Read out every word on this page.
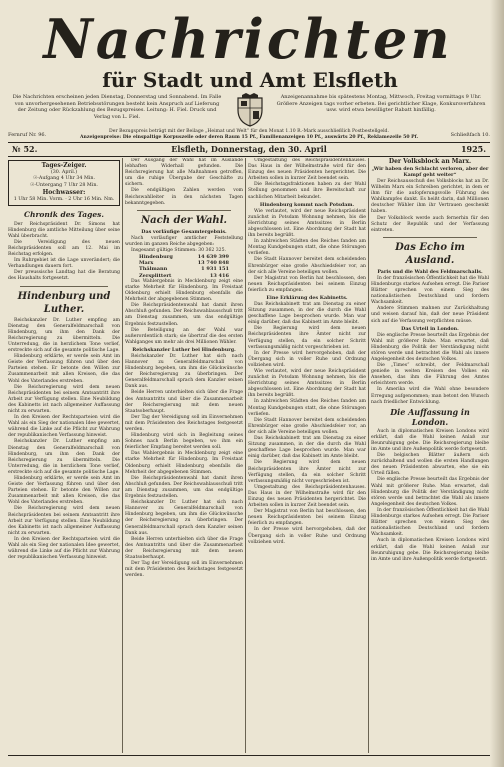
Nachrichten
für Stadt und Amt Elsfleth
Die Nachrichten erscheinen jeden Dienstag, Donnerstag und Sonnabend. Im Falle von unvorhergesehenen Betriebsstörungen besteht kein Anspruch auf Lieferung der Zeitung oder Rückzahlung des Bezugspreises. Leitung: H. Fiel. Druck und Verlag von L. Fiel.
Anzeigenannahme bis spätestens Montag, Mittwoch, Freitag vormittags 9 Uhr. Größere Anzeigen tags vorher erbeten. Bei gerichtlicher Klage, Konkursverfahren usw. wird etwa bewilligter Rabatt hinfällig.
Fernruf Nr. 96.	Schließfach 10.
Der Bezugspreis beträgt mit der Beilage „Heimat und Welt“ für den Monat 1.10 R.-Mark ausschließlich Postbestellgeld.
Anzeigenpreise: Die einspaltige Korpuszeile oder deren Raum 15 Pf., Familienanzeigen 10 Pf., auswärts 20 Pf., Reklamezeile 50 Pf.
№ 52.	Elsfleth, Donnerstag, den 30. April	1925.
Tages-Zeiger.
(30. April.)
☉-Aufgang 4 Uhr 34 Min.
☉-Untergang 7 Uhr 28 Min.
Hochwasser:
1 Uhr 58 Min. Vorm. · 2 Uhr 16 Min. Nm.
Chronik des Tages.

Der Reichspräsident Dr. Simons hat Hindenburg die amtliche Mitteilung über seine Wahl überbracht.

Die Vereidigung des neuen Reichspräsidenten soll am 12. Mai im Reichstag erfolgen.

Im Ruhrgebiet ist die Lage unverändert; die Verhandlungen dauern fort.

Der preussische Landtag hat die Beratung des Haushalts fortgesetzt.

Hindenburg und Luther.

Reichskanzler Dr. Luther empfing am Dienstag den Generalfeldmarschall von Hindenburg, um ihm den Dank der Reichsregierung zu übermitteln. Die Unterredung, die in herzlichem Tone verlief, erstreckte sich auf die gesamte politische Lage.

Hindenburg erklärte, er werde sein Amt im Geiste der Verfassung führen und über den Parteien stehen. Er betonte den Willen zur Zusammenarbeit mit allen Kreisen, die das Wohl des Vaterlandes erstreben.

Die Reichsregierung wird dem neuen Reichspräsidenten bei seinem Amtsantritt ihre Arbeit zur Verfügung stellen. Eine Neubildung des Kabinetts ist nach allgemeiner Auffassung nicht zu erwarten.

In den Kreisen der Rechtsparteien wird die Wahl als ein Sieg der nationalen Idee gewertet, während die Linke auf die Pflicht zur Wahrung der republikanischen Verfassung hinweist.

Reichskanzler Dr. Luther empfing am Dienstag den Generalfeldmarschall von Hindenburg, um ihm den Dank der Reichsregierung zu übermitteln. Die Unterredung, die in herzlichem Tone verlief, erstreckte sich auf die gesamte politische Lage.

Hindenburg erklärte, er werde sein Amt im Geiste der Verfassung führen und über den Parteien stehen. Er betonte den Willen zur Zusammenarbeit mit allen Kreisen, die das Wohl des Vaterlandes erstreben.

Die Reichsregierung wird dem neuen Reichspräsidenten bei seinem Amtsantritt ihre Arbeit zur Verfügung stellen. Eine Neubildung des Kabinetts ist nach allgemeiner Auffassung nicht zu erwarten.

In den Kreisen der Rechtsparteien wird die Wahl als ein Sieg der nationalen Idee gewertet, während die Linke auf die Pflicht zur Wahrung der republikanischen Verfassung hinweist.

Der Ausgang der Wahl hat im Auslande lebhaften Widerhall gefunden. Die Reichsregierung hat alle Maßnahmen getroffen, um die ruhige Übergabe der Geschäfte zu sichern.

Die endgültigen Zahlen werden vom Reichswahlleiter in den nächsten Tagen bekanntgegeben.

Nach der Wahl.
Das vorläufige Gesamtergebnis.

Nach vorläufiger amtlicher Feststellung wurden im ganzen Reiche abgegeben:

Insgesamt gültige Stimmen: 30 362 325.

Hindenburg	14 639 399
Marx	13 740 848
Thälmann	1 931 151
Zersplittert	13 416

Das Wahlergebnis in Mecklenburg zeigt eine starke Mehrheit für Hindenburg. Im Freistaat Oldenburg erhielt Hindenburg ebenfalls die Mehrheit der abgegebenen Stimmen.

Die Reichspräsidentenwahl hat damit ihren Abschluß gefunden. Der Reichswahlausschuß tritt am Dienstag zusammen, um das endgültige Ergebnis festzustellen.

Die Beteiligung an der Wahl war außerordentlich stark; sie übertraf die des ersten Wahlganges um mehr als drei Millionen Wähler.

Reichskanzler Luther bei Hindenburg.

Reichskanzler Dr. Luther hat sich nach Hannover zu Generalfeldmarschall von Hindenburg begeben, um ihm die Glückwünsche der Reichsregierung zu überbringen. Der Generalfeldmarschall sprach dem Kanzler seinen Dank aus.

Beide Herren unterhielten sich über die Frage des Amtsantritts und über die Zusammenarbeit der Reichsregierung mit dem neuen Staatsoberhaupt.

Der Tag der Vereidigung soll im Einvernehmen mit dem Präsidenten des Reichstages festgesetzt werden.

Hindenburg wird sich in Begleitung seines Sohnes nach Berlin begeben, wo ihm ein feierlicher Empfang bereitet werden soll.

Das Wahlergebnis in Mecklenburg zeigt eine starke Mehrheit für Hindenburg. Im Freistaat Oldenburg erhielt Hindenburg ebenfalls die Mehrheit der abgegebenen Stimmen.

Die Reichspräsidentenwahl hat damit ihren Abschluß gefunden. Der Reichswahlausschuß tritt am Dienstag zusammen, um das endgültige Ergebnis festzustellen.

Reichskanzler Dr. Luther hat sich nach Hannover zu Generalfeldmarschall von Hindenburg begeben, um ihm die Glückwünsche der Reichsregierung zu überbringen. Der Generalfeldmarschall sprach dem Kanzler seinen Dank aus.

Beide Herren unterhielten sich über die Frage des Amtsantritts und über die Zusammenarbeit der Reichsregierung mit dem neuen Staatsoberhaupt.

Der Tag der Vereidigung soll im Einvernehmen mit dem Präsidenten des Reichstages festgesetzt werden.

Umgestaltung des Reichspräsidentenhauses. Das Haus in der Wilhelmstraße wird für den Einzug des neuen Präsidenten hergerichtet. Die Arbeiten sollen in kurzer Zeit beendet sein.

Die Reichstagsfraktionen haben zu der Wahl Stellung genommen und ihre Bereitschaft zur sachlichen Mitarbeit bekundet.

Hindenburg kommt nach Potsdam.

Wie verlautet, wird der neue Reichspräsident zunächst in Potsdam Wohnung nehmen, bis die Herrichtung seines Amtssitzes in Berlin abgeschlossen ist. Eine Abordnung der Stadt hat ihn bereits begrüßt.

In zahlreichen Städten des Reiches fanden am Montag Kundgebungen statt, die ohne Störungen verliefen.

Die Stadt Hannover bereitet dem scheidenden Ehrenbürger eine große Abschiedsfeier vor, an der sich alle Vereine beteiligen wollen.

Der Magistrat von Berlin hat beschlossen, den neuen Reichspräsidenten bei seinem Einzug feierlich zu empfangen.

Eine Erklärung des Kabinetts.

Das Reichskabinett trat am Dienstag zu einer Sitzung zusammen, in der die durch die Wahl geschaffene Lage besprochen wurde. Man war einig darüber, daß das Kabinett im Amte bleibt.

Die Regierung wird dem neuen Reichspräsidenten ihre Ämter nicht zur Verfügung stellen, da ein solcher Schritt verfassungsmäßig nicht vorgeschrieben ist.

In der Presse wird hervorgehoben, daß der Übergang sich in voller Ruhe und Ordnung vollziehen wird.

Wie verlautet, wird der neue Reichspräsident zunächst in Potsdam Wohnung nehmen, bis die Herrichtung seines Amtssitzes in Berlin abgeschlossen ist. Eine Abordnung der Stadt hat ihn bereits begrüßt.

In zahlreichen Städten des Reiches fanden am Montag Kundgebungen statt, die ohne Störungen verliefen.

Die Stadt Hannover bereitet dem scheidenden Ehrenbürger eine große Abschiedsfeier vor, an der sich alle Vereine beteiligen wollen.

Das Reichskabinett trat am Dienstag zu einer Sitzung zusammen, in der die durch die Wahl geschaffene Lage besprochen wurde. Man war einig darüber, daß das Kabinett im Amte bleibt.

Die Regierung wird dem neuen Reichspräsidenten ihre Ämter nicht zur Verfügung stellen, da ein solcher Schritt verfassungsmäßig nicht vorgeschrieben ist.

Umgestaltung des Reichspräsidentenhauses. Das Haus in der Wilhelmstraße wird für den Einzug des neuen Präsidenten hergerichtet. Die Arbeiten sollen in kurzer Zeit beendet sein.

Der Magistrat von Berlin hat beschlossen, den neuen Reichspräsidenten bei seinem Einzug feierlich zu empfangen.

In der Presse wird hervorgehoben, daß der Übergang sich in voller Ruhe und Ordnung vollziehen wird.

Der Volksblock an Marx.
„Wir haben den Schlacht verloren, aber der Kampf geht weiter“

Der Reichsausschuß des Volksblocks hat an Dr. Wilhelm Marx ein Schreiben gerichtet, in dem er ihm für die aufopferungsvolle Führung des Wahlkampfes dankt. Es heißt darin, daß Millionen deutscher Wähler ihm ihr Vertrauen geschenkt haben.

Der Volksblock werde auch fernerhin für den Schutz der Republik und der Verfassung eintreten.

Das Echo im Ausland.
Paris und die Wahl des Feldmarschalls.

In der französischen Öffentlichkeit hat die Wahl Hindenburgs starkes Aufsehen erregt. Die Pariser Blätter sprechen von einem Sieg des nationalistischen Deutschland und fordern Wachsamkeit.

Andere Stimmen mahnen zur Zurückhaltung und weisen darauf hin, daß der neue Präsident sich auf die Verfassung verpflichten müsse.

Das Urteil in London.

Die englische Presse beurteilt das Ergebnis der Wahl mit größerer Ruhe. Man erwartet, daß Hindenburg die Politik der Verständigung nicht stören werde und betrachtet die Wahl als innere Angelegenheit des deutschen Volkes.

Die „Times“ schreibt, der Feldmarschall genieße in weiten Kreisen des Volkes ein Ansehen, das ihm die Führung des Amtes erleichtern werde.

In Amerika wird die Wahl ohne besondere Erregung aufgenommen; man betont den Wunsch nach friedlicher Entwicklung.

Die Auffassung in London.

Auch in diplomatischen Kreisen Londons wird erklärt, daß die Wahl keinen Anlaß zur Beunruhigung gebe. Die Reichsregierung bleibe im Amte und ihre Außenpolitik werde fortgesetzt.

Die belgischen Blätter äußern sich zurückhaltend und wollen die ersten Handlungen des neuen Präsidenten abwarten, ehe sie ein Urteil fällen.

Die englische Presse beurteilt das Ergebnis der Wahl mit größerer Ruhe. Man erwartet, daß Hindenburg die Politik der Verständigung nicht stören werde und betrachtet die Wahl als innere Angelegenheit des deutschen Volkes.

In der französischen Öffentlichkeit hat die Wahl Hindenburgs starkes Aufsehen erregt. Die Pariser Blätter sprechen von einem Sieg des nationalistischen Deutschland und fordern Wachsamkeit.

Auch in diplomatischen Kreisen Londons wird erklärt, daß die Wahl keinen Anlaß zur Beunruhigung gebe. Die Reichsregierung bleibe im Amte und ihre Außenpolitik werde fortgesetzt.
